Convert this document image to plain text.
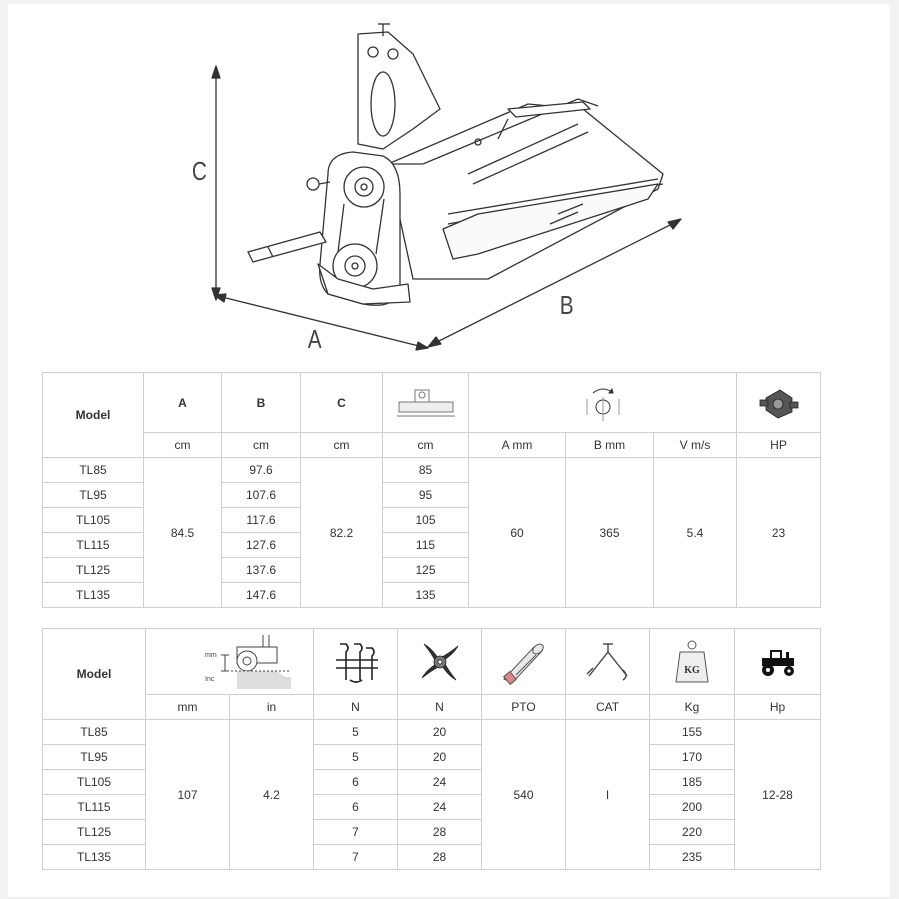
C
A
B
Model	A	B	C	

	cm	cm	cm	cm	A mm	B mm	V m/s	HP
TL85	84.5	97.6	82.2	85	60	365	5.4	23
TL95		107.6		95				
TL105		117.6		105				
TL115		127.6		115				
TL125		137.6		125				
TL135		147.6		135				
Model	mm
Inc						KG

	mm	in	N	N	PTO	CAT	Kg	Hp
TL85	107	4.2	5	20	540	I	155	12-28
TL95			5	20			170	
TL105			6	24			185	
TL115			6	24			200	
TL125			7	28			220	
TL135			7	28			235	
